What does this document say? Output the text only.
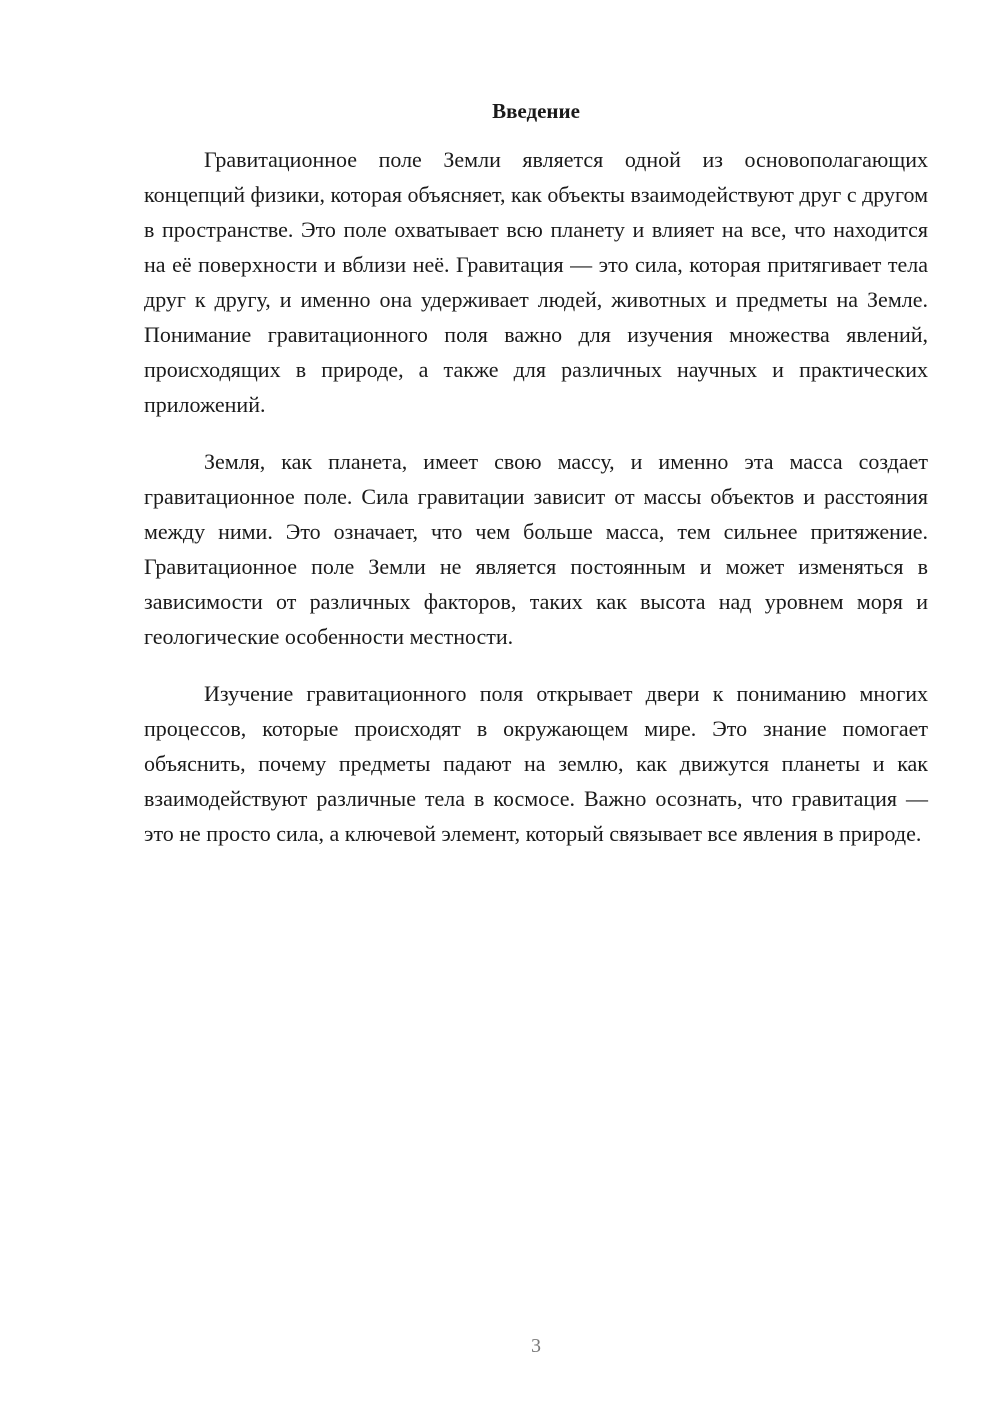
Введение

Гравитационное поле Земли является одной из основополагающих концепций физики, которая объясняет, как объекты взаимодействуют друг с другом в пространстве. Это поле охватывает всю планету и влияет на все, что находится на её поверхности и вблизи неё. Гравитация — это сила, которая притягивает тела друг к другу, и именно она удерживает людей, животных и предметы на Земле. Понимание гравитационного поля важно для изучения множества явлений, происходящих в природе, а также для различных научных и практических приложений.

Земля, как планета, имеет свою массу, и именно эта масса создает гравитационное поле. Сила гравитации зависит от массы объектов и расстояния между ними. Это означает, что чем больше масса, тем сильнее притяжение. Гравитационное поле Земли не является постоянным и может изменяться в зависимости от различных факторов, таких как высота над уровнем моря и геологические особенности местности.

Изучение гравитационного поля открывает двери к пониманию многих процессов, которые происходят в окружающем мире. Это знание помогает объяснить, почему предметы падают на землю, как движутся планеты и как взаимодействуют различные тела в космосе. Важно осознать, что гравитация — это не просто сила, а ключевой элемент, который связывает все явления в природе.

3
